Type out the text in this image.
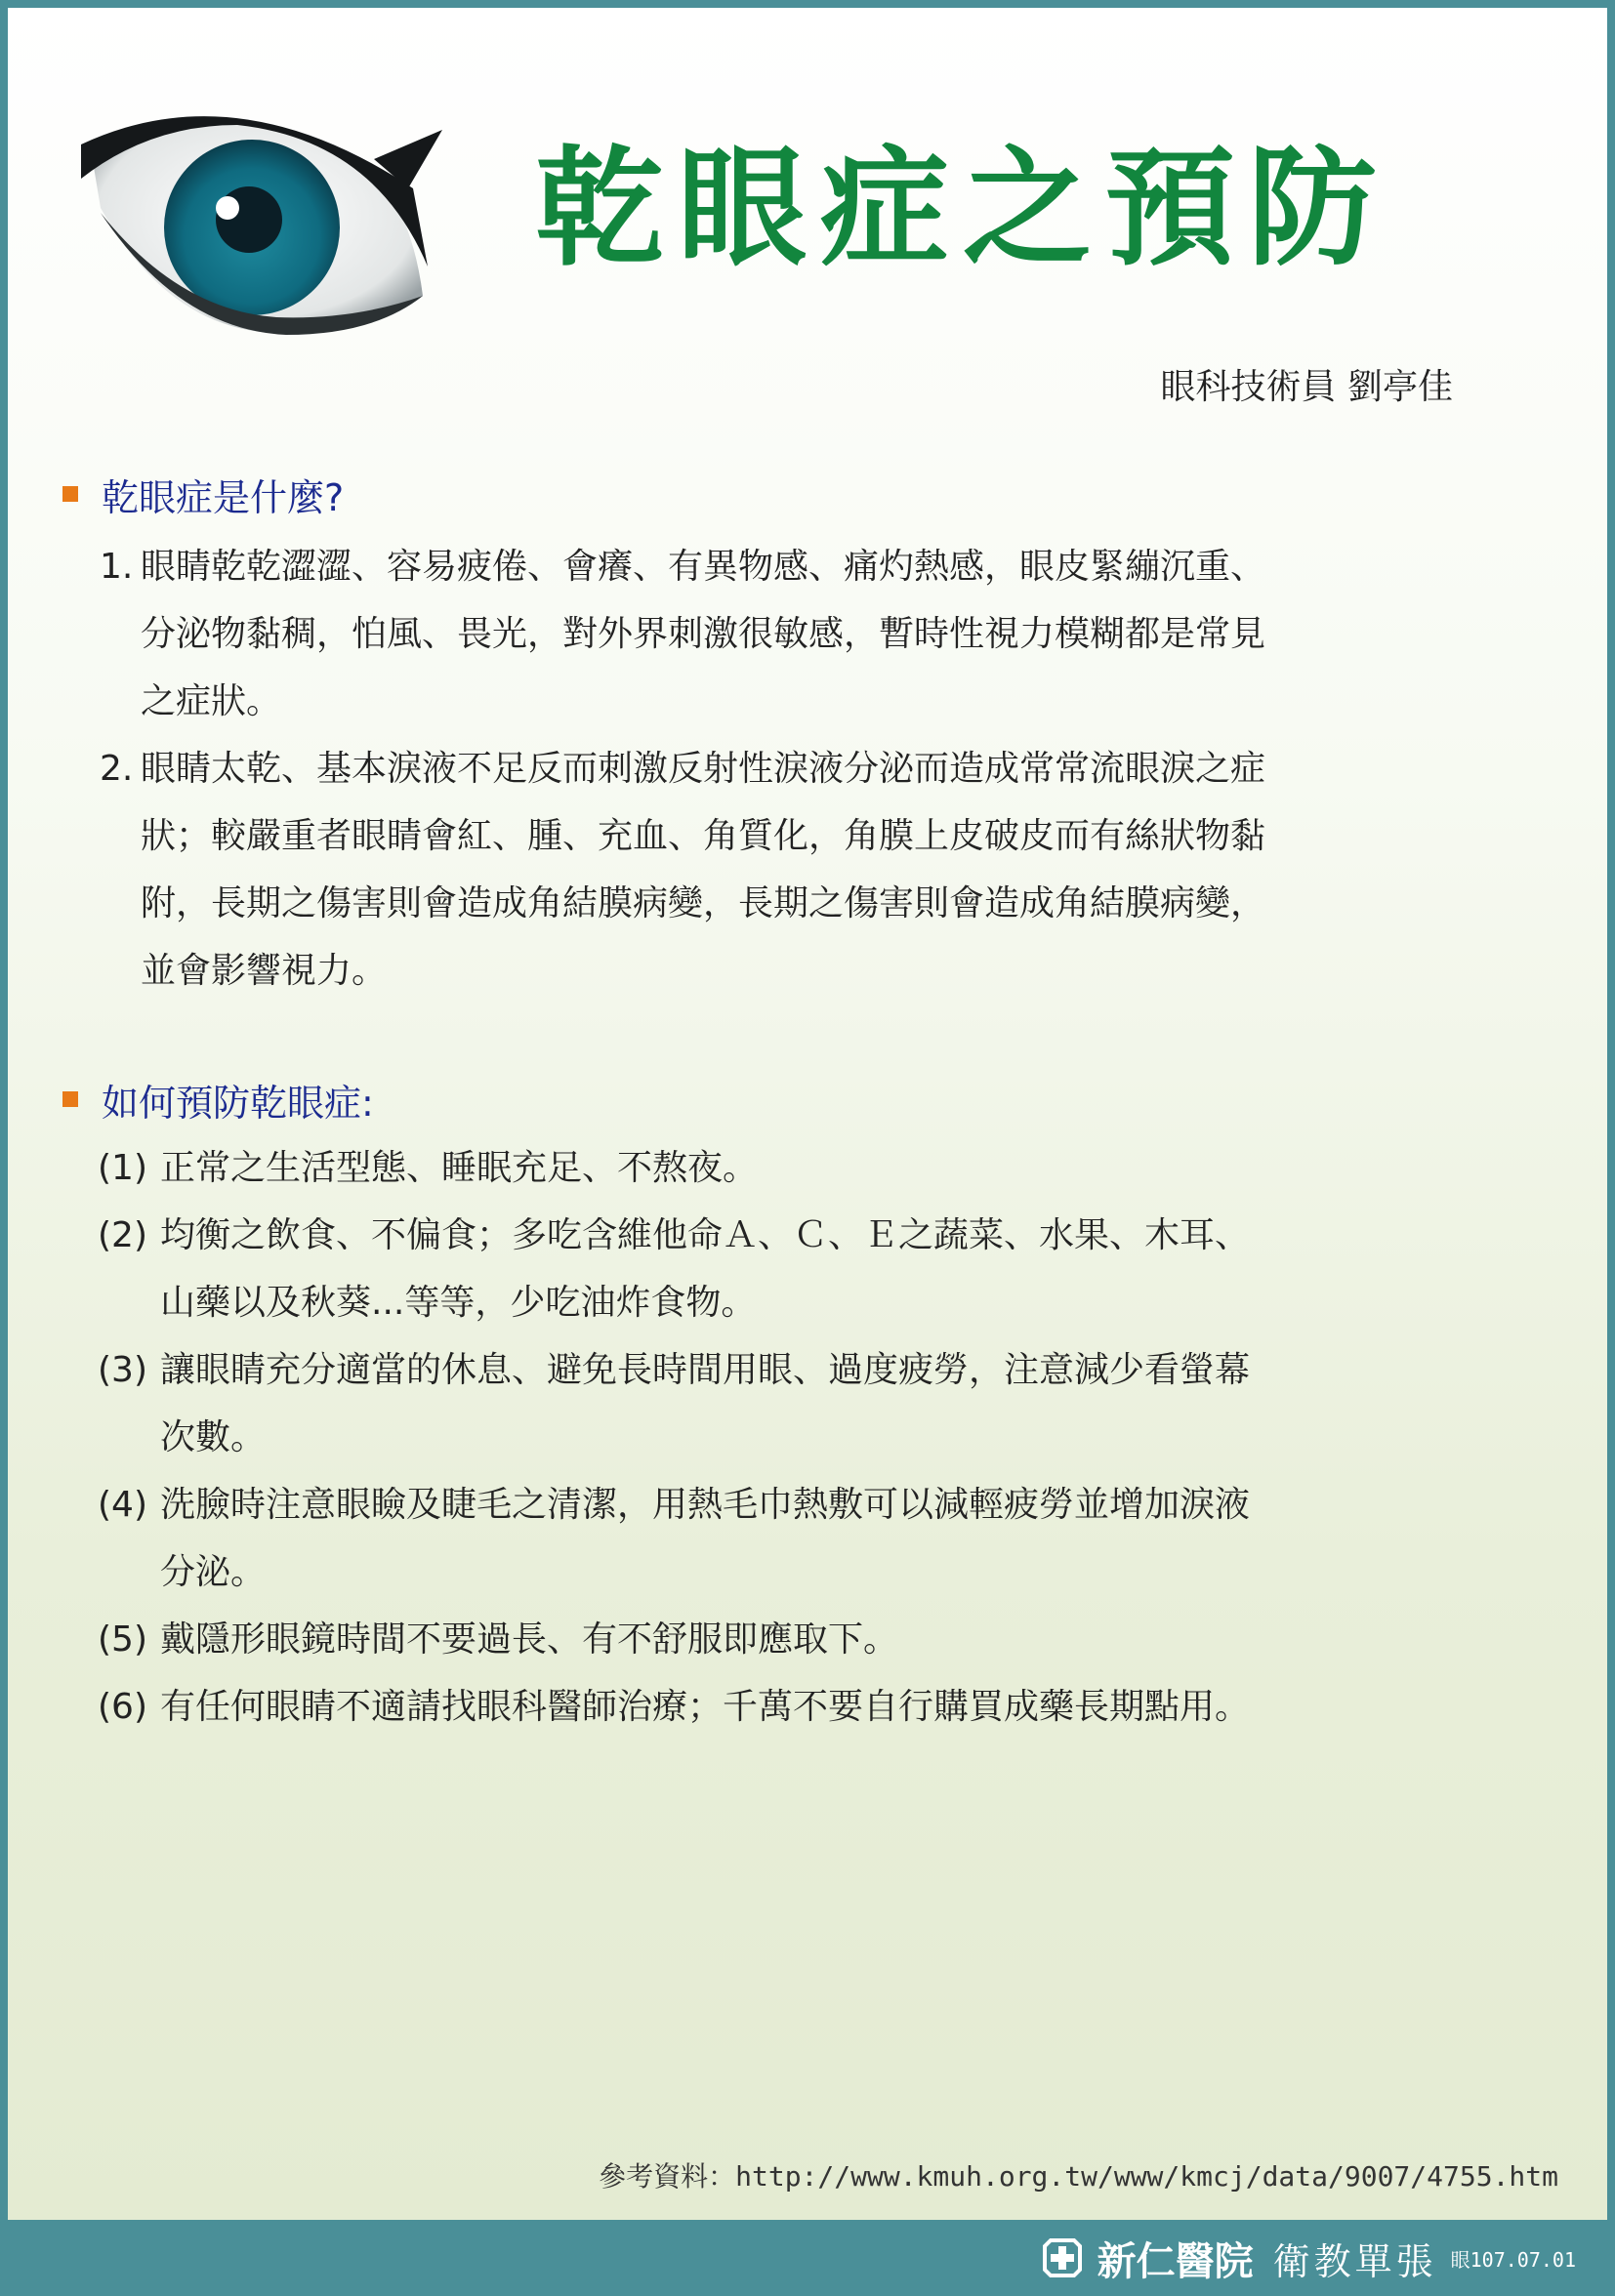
乾眼症之預防
眼科技術員 劉亭佳
乾眼症是什麼?
1. 眼睛乾乾澀澀、容易疲倦、會癢、有異物感、痛灼熱感，眼皮緊繃沉重、
分泌物黏稠，怕風、畏光，對外界刺激很敏感，暫時性視力模糊都是常見
之症狀。
2. 眼睛太乾、基本淚液不足反而刺激反射性淚液分泌而造成常常流眼淚之症
狀；較嚴重者眼睛會紅、腫、充血、角質化，角膜上皮破皮而有絲狀物黏
附，長期之傷害則會造成角結膜病變，長期之傷害則會造成角結膜病變，
並會影響視力。
如何預防乾眼症:
(1) 正常之生活型態、睡眠充足、不熬夜。
(2) 均衡之飲食、不偏食；多吃含維他命Ａ、Ｃ、Ｅ之蔬菜、水果、木耳、
山藥以及秋葵...等等，少吃油炸食物。
(3) 讓眼睛充分適當的休息、避免長時間用眼、過度疲勞，注意減少看螢幕
次數。
(4) 洗臉時注意眼瞼及睫毛之清潔，用熱毛巾熱敷可以減輕疲勞並增加淚液
分泌。
(5) 戴隱形眼鏡時間不要過長、有不舒服即應取下。
(6) 有任何眼睛不適請找眼科醫師治療；千萬不要自行購買成藥長期點用。
參考資料：http://www.kmuh.org.tw/www/kmcj/data/9007/4755.htm
新仁醫院 衛教單張 眼107.07.01
